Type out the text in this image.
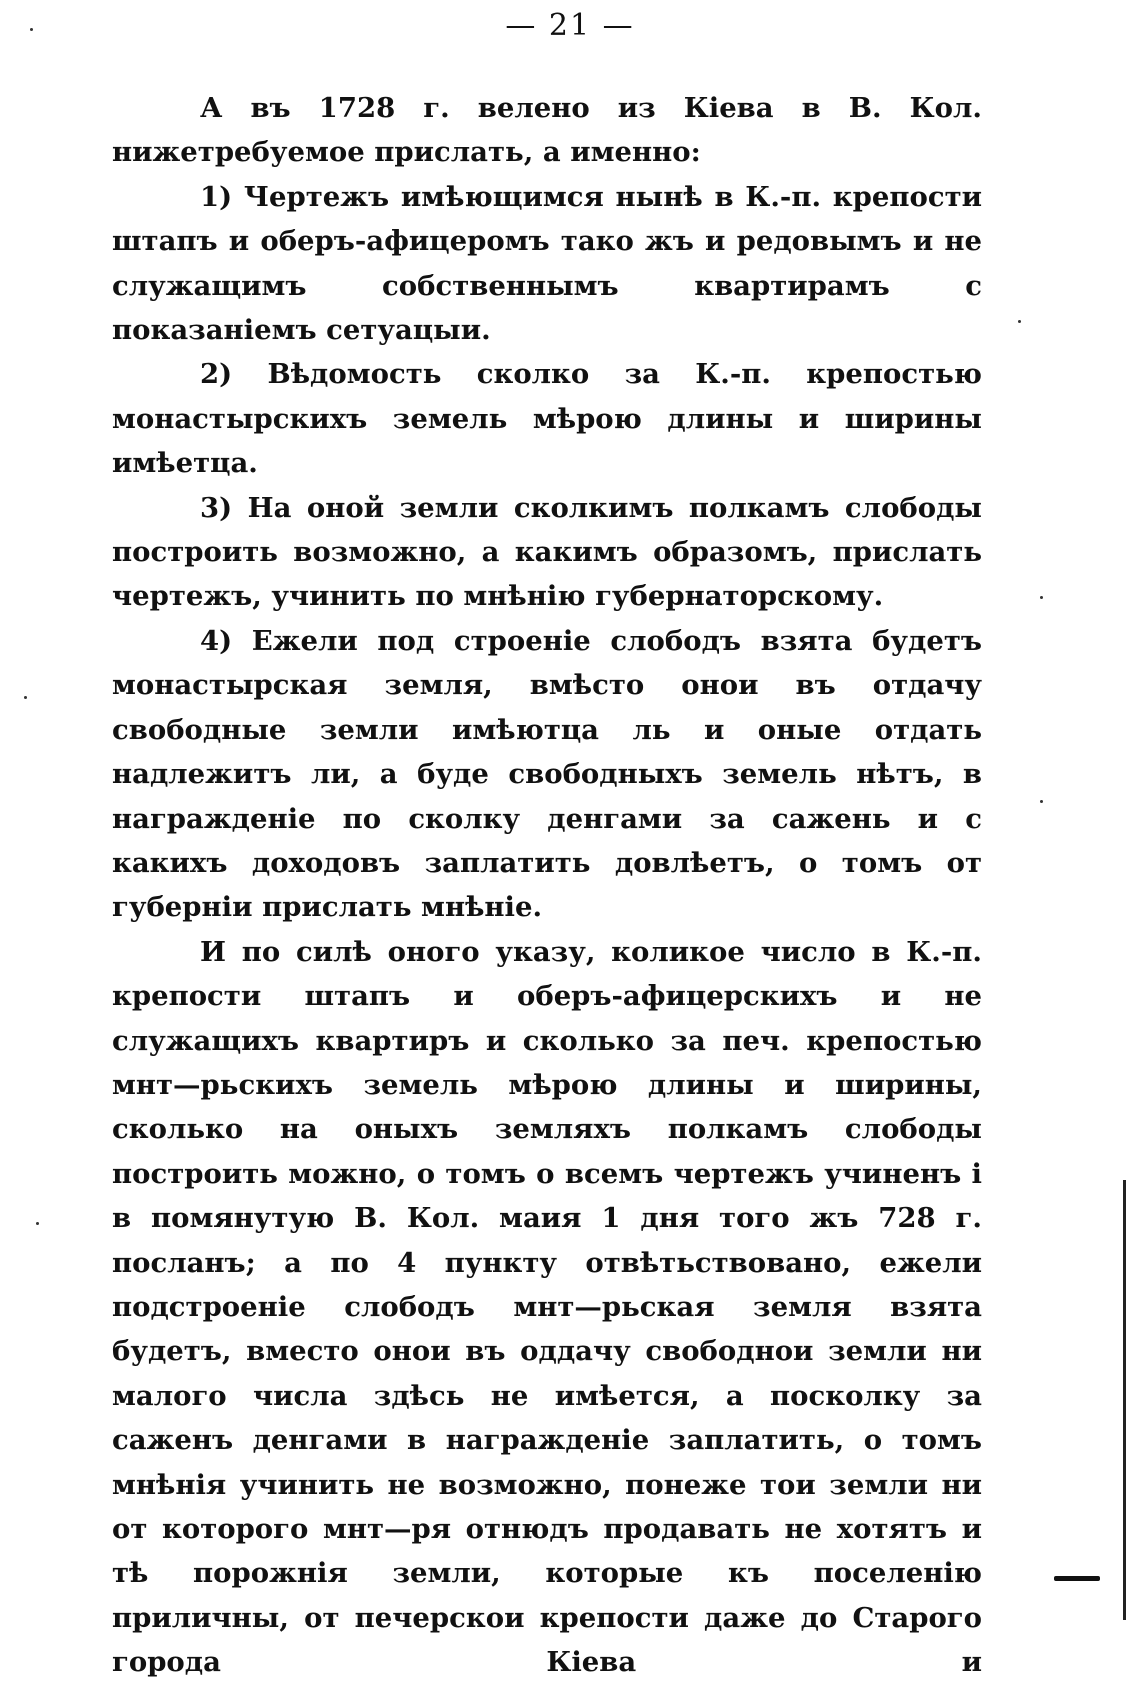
— 21 —

А въ 1728 г. велено из Кіева в В. Кол. нижетребуемое прислать, а именно:

1) Чертежъ имѣющимся нынѣ в К.-п. крепости штапъ и оберъ-афицеромъ тако жъ и редовымъ и не служащимъ собственнымъ квартирамъ с показаніемъ сетуацыи.

2) Вѣдомость сколко за К.-п. крепостью монастырскихъ земель мѣрою длины и ширины имѣетца.

3) На оной земли сколкимъ полкамъ слободы построить возможно, а какимъ образомъ, прислать чертежъ, учинить по мнѣнію губернаторскому.

4) Ежели под строеніе слободъ взята будетъ монастырская земля, вмѣсто онои въ отдачу свободные земли имѣютца ль и оные отдать надлежитъ ли, а буде свободныхъ земель нѣтъ, в награжденіе по сколку денгами за сажень и с какихъ доходовъ заплатить довлѣетъ, о томъ от губерніи прислать мнѣніе.

И по силѣ оного указу, коликое число в К.-п. крепости штапъ и оберъ-афицерскихъ и не служащихъ квартиръ и сколько за печ. крепостью мнт—рьскихъ земель мѣрою длины и ширины, сколько на оныхъ земляхъ полкамъ слободы построить можно, о томъ о всемъ чертежъ учиненъ і в помянутую В. Кол. маия 1 дня того жъ 728 г. посланъ; а по 4 пункту отвѣтьствовано, ежели подстроеніе слободъ мнт—рьская земля взята будетъ, вместо онои въ оддачу свободнои земли ни малого числа здѣсь не имѣется, а посколку за саженъ денгами в награжденіе заплатить, о томъ мнѣнія учинить не возможно, понеже тои земли ни от которого мнт—ря отнюдъ продавать не хотятъ и тѣ порожнія земли, которые къ поселенію приличны, от печерскои крепости даже до Старого города Кіева и
